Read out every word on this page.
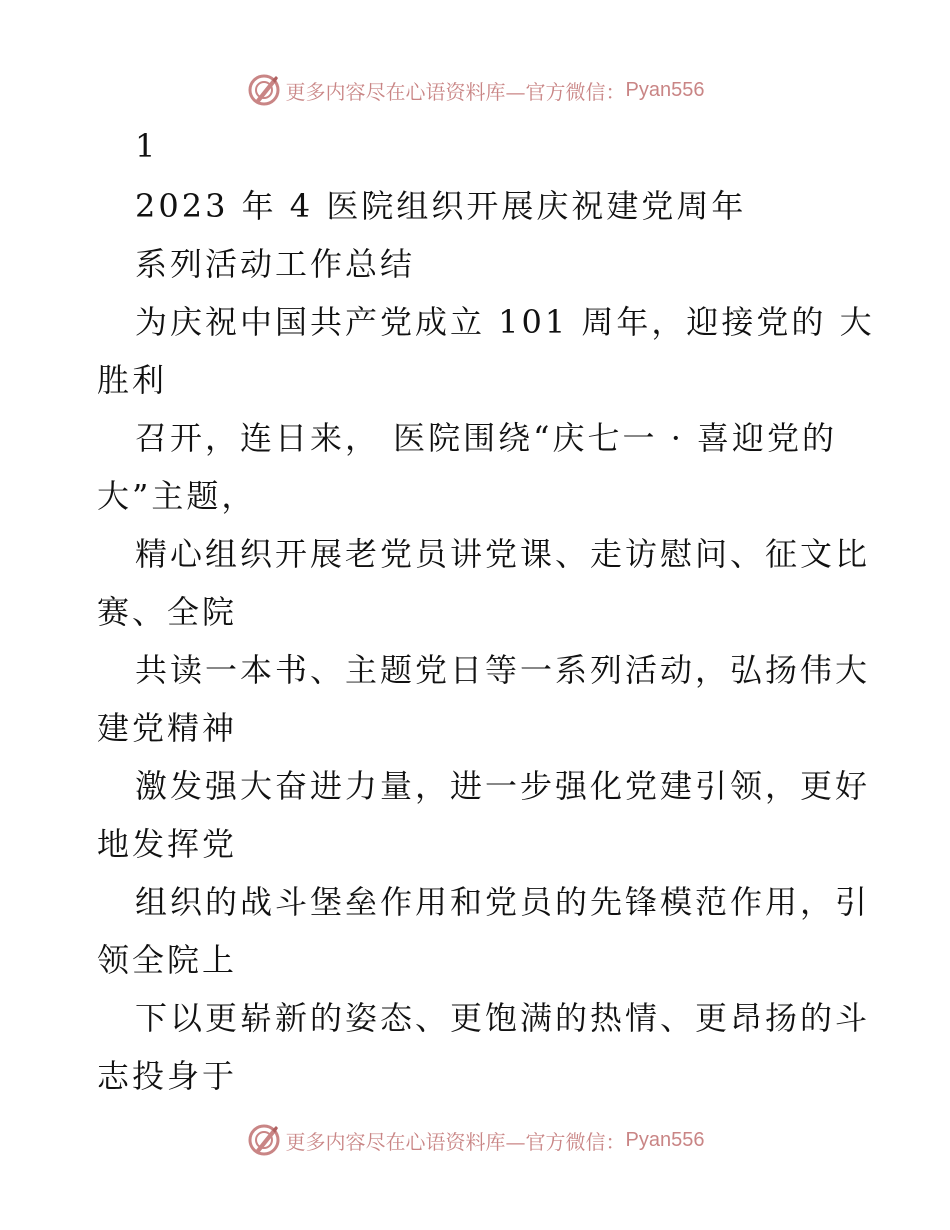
更多内容尽在心语资料库—官方微信： Pyan556
1
2023 年 4 医院组织开展庆祝建党周年
系列活动工作总结
为庆祝中国共产党成立 101 周年，迎接党的 大
胜利
召开，连日来， 医院围绕“庆七一 · 喜迎党的
大”主题，
精心组织开展老党员讲党课、走访慰问、征文比
赛、全院
共读一本书、主题党日等一系列活动，弘扬伟大
建党精神
激发强大奋进力量，进一步强化党建引领，更好
地发挥党
组织的战斗堡垒作用和党员的先锋模范作用，引
领全院上
下以更崭新的姿态、更饱满的热情、更昂扬的斗
志投身于
更多内容尽在心语资料库—官方微信： Pyan556
